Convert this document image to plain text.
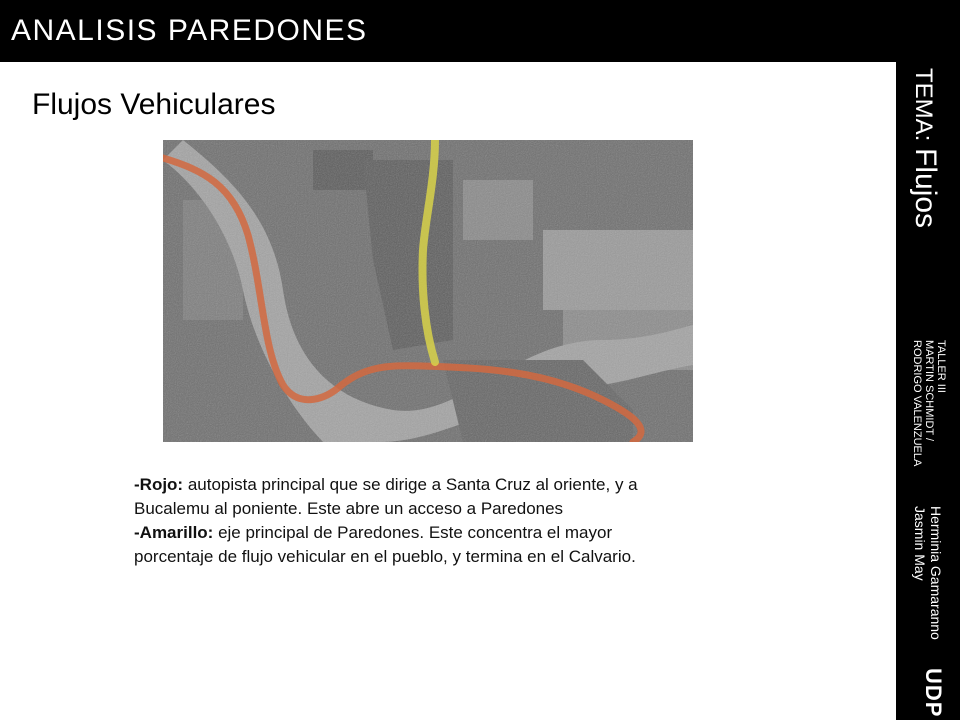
ANALISIS PAREDONES
TEMA: Flujos
TALLER III
MARTIN SCHMIDT /
RODRIGO VALENZUELA
Herminia Gamaranno
Jasmin May
UDP
Flujos Vehiculares

-Rojo: autopista principal que se dirige a Santa Cruz al oriente, y a Bucalemu al poniente. Este abre un acceso a Paredones

-Amarillo: eje principal de Paredones. Este concentra el mayor porcentaje de flujo vehicular en el pueblo, y termina en el Calvario.
